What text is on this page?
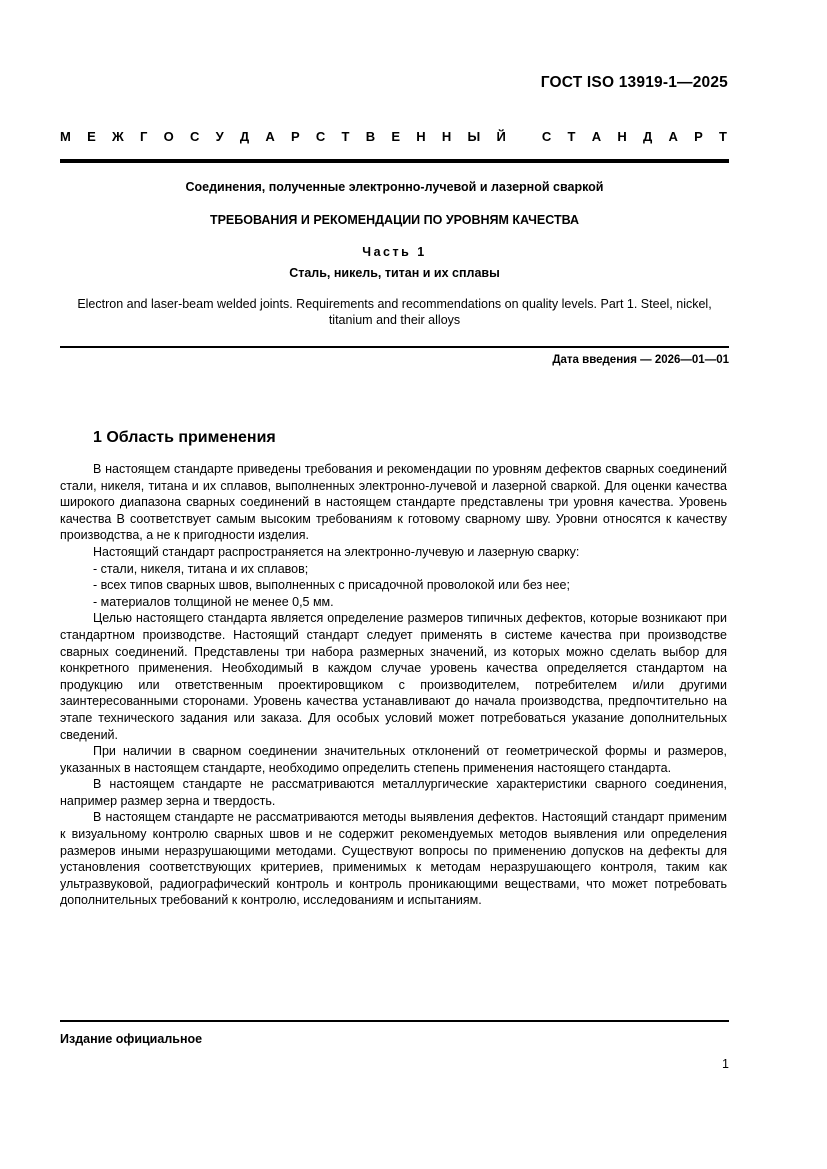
ГОСТ ISO 13919-1—2025
М Е Ж Г О С У Д А Р С Т В Е Н Н Ы Й
	С Т А Н Д А Р Т
Соединения, полученные электронно-лучевой и лазерной сваркой
ТРЕБОВАНИЯ И РЕКОМЕНДАЦИИ ПО УРОВНЯМ КАЧЕСТВА
Часть 1
Сталь, никель, титан и их сплавы
Electron and laser-beam welded joints. Requirements and recommendations on quality levels. Part 1. Steel, nickel,
titanium and their alloys
Дата введения — 2026—01—01
1 Область применения

В настоящем стандарте приведены требования и рекомендации по уровням дефектов сварных соединений стали, никеля, титана и их сплавов, выполненных электронно-лучевой и лазерной сваркой. Для оценки качества широкого диапазона сварных соединений в настоящем стандарте представлены три уровня качества. Уровень качества B соответствует самым высоким требованиям к готовому сварному шву. Уровни относятся к качеству производства, а не к пригодности изделия.

Настоящий стандарт распространяется на электронно-лучевую и лазерную сварку:

- стали, никеля, титана и их сплавов;
- всех типов сварных швов, выполненных с присадочной проволокой или без нее;
- материалов толщиной не менее 0,5 мм.

Целью настоящего стандарта является определение размеров типичных дефектов, которые возникают при стандартном производстве. Настоящий стандарт следует применять в системе качества при производстве сварных соединений. Представлены три набора размерных значений, из которых можно сделать выбор для конкретного применения. Необходимый в каждом случае уровень качества определяется стандартом на продукцию или ответственным проектировщиком с производителем, потребителем и/или другими заинтересованными сторонами. Уровень качества устанавливают до начала производства, предпочтительно на этапе технического задания или заказа. Для особых условий может потребоваться указание дополнительных сведений.

При наличии в сварном соединении значительных отклонений от геометрической формы и размеров, указанных в настоящем стандарте, необходимо определить степень применения настоящего стандарта.

В настоящем стандарте не рассматриваются металлургические характеристики сварного соединения, например размер зерна и твердость.

В настоящем стандарте не рассматриваются методы выявления дефектов. Настоящий стандарт применим к визуальному контролю сварных швов и не содержит рекомендуемых методов выявления или определения размеров иными неразрушающими методами. Существуют вопросы по применению допусков на дефекты для установления соответствующих критериев, применимых к методам неразрушающего контроля, таким как ультразвуковой, радиографический контроль и контроль проникающими веществами, что может потребовать дополнительных требований к контролю, исследованиям и испытаниям.

Издание официальное
1
